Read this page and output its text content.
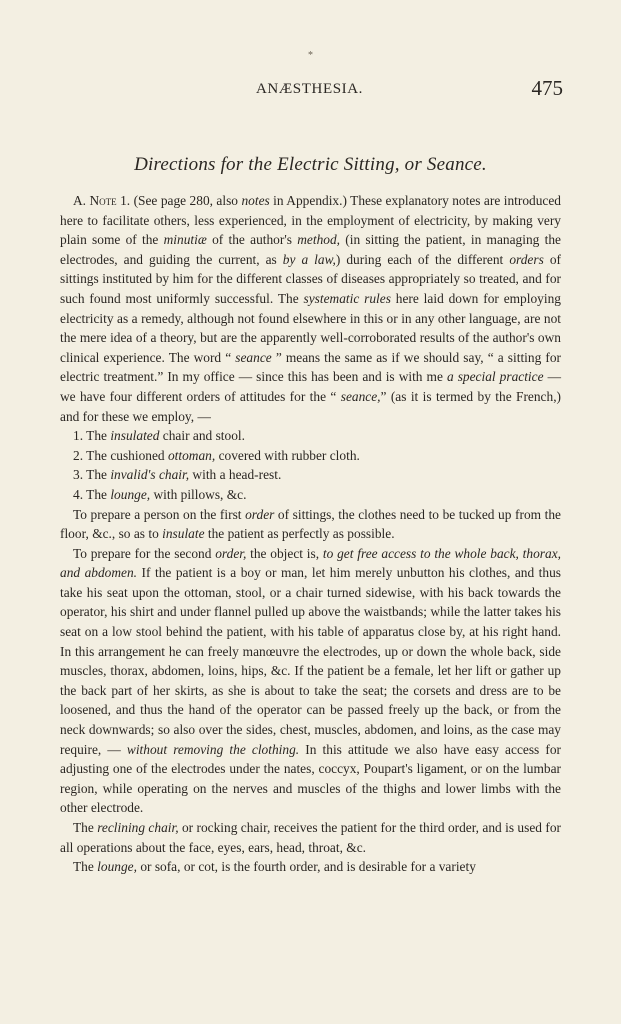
*
ANÆSTHESIA.	475
Directions for the Electric Sitting, or Seance.

A. Note 1. (See page 280, also notes in Appendix.) These explanatory notes are introduced here to facilitate others, less experienced, in the employment of electricity, by making very plain some of the minutiæ of the author's method, (in sitting the patient, in managing the electrodes, and guiding the current, as by a law,) during each of the different orders of sittings instituted by him for the different classes of diseases appropriately so treated, and for such found most uniformly successful. The systematic rules here laid down for employing electricity as a remedy, although not found elsewhere in this or in any other language, are not the mere idea of a theory, but are the apparently well-corroborated results of the author's own clinical experience. The word “ seance ” means the same as if we should say, “ a sitting for electric treatment.” In my office — since this has been and is with me a special practice — we have four different orders of attitudes for the “ seance,” (as it is termed by the French,) and for these we employ, —

1. The insulated chair and stool.

2. The cushioned ottoman, covered with rubber cloth.

3. The invalid's chair, with a head-rest.

4. The lounge, with pillows, &c.

To prepare a person on the first order of sittings, the clothes need to be tucked up from the floor, &c., so as to insulate the patient as perfectly as possible.

To prepare for the second order, the object is, to get free access to the whole back, thorax, and abdomen. If the patient is a boy or man, let him merely unbutton his clothes, and thus take his seat upon the ottoman, stool, or a chair turned sidewise, with his back towards the operator, his shirt and under flannel pulled up above the waistbands; while the latter takes his seat on a low stool behind the patient, with his table of apparatus close by, at his right hand. In this arrangement he can freely manœuvre the electrodes, up or down the whole back, side muscles, thorax, abdomen, loins, hips, &c. If the patient be a female, let her lift or gather up the back part of her skirts, as she is about to take the seat; the corsets and dress are to be loosened, and thus the hand of the operator can be passed freely up the back, or from the neck downwards; so also over the sides, chest, muscles, abdomen, and loins, as the case may require, — without removing the clothing. In this attitude we also have easy access for adjusting one of the electrodes under the nates, coccyx, Poupart's ligament, or on the lumbar region, while operating on the nerves and muscles of the thighs and lower limbs with the other electrode.

The reclining chair, or rocking chair, receives the patient for the third order, and is used for all operations about the face, eyes, ears, head, throat, &c.

The lounge, or sofa, or cot, is the fourth order, and is desirable for a variety
